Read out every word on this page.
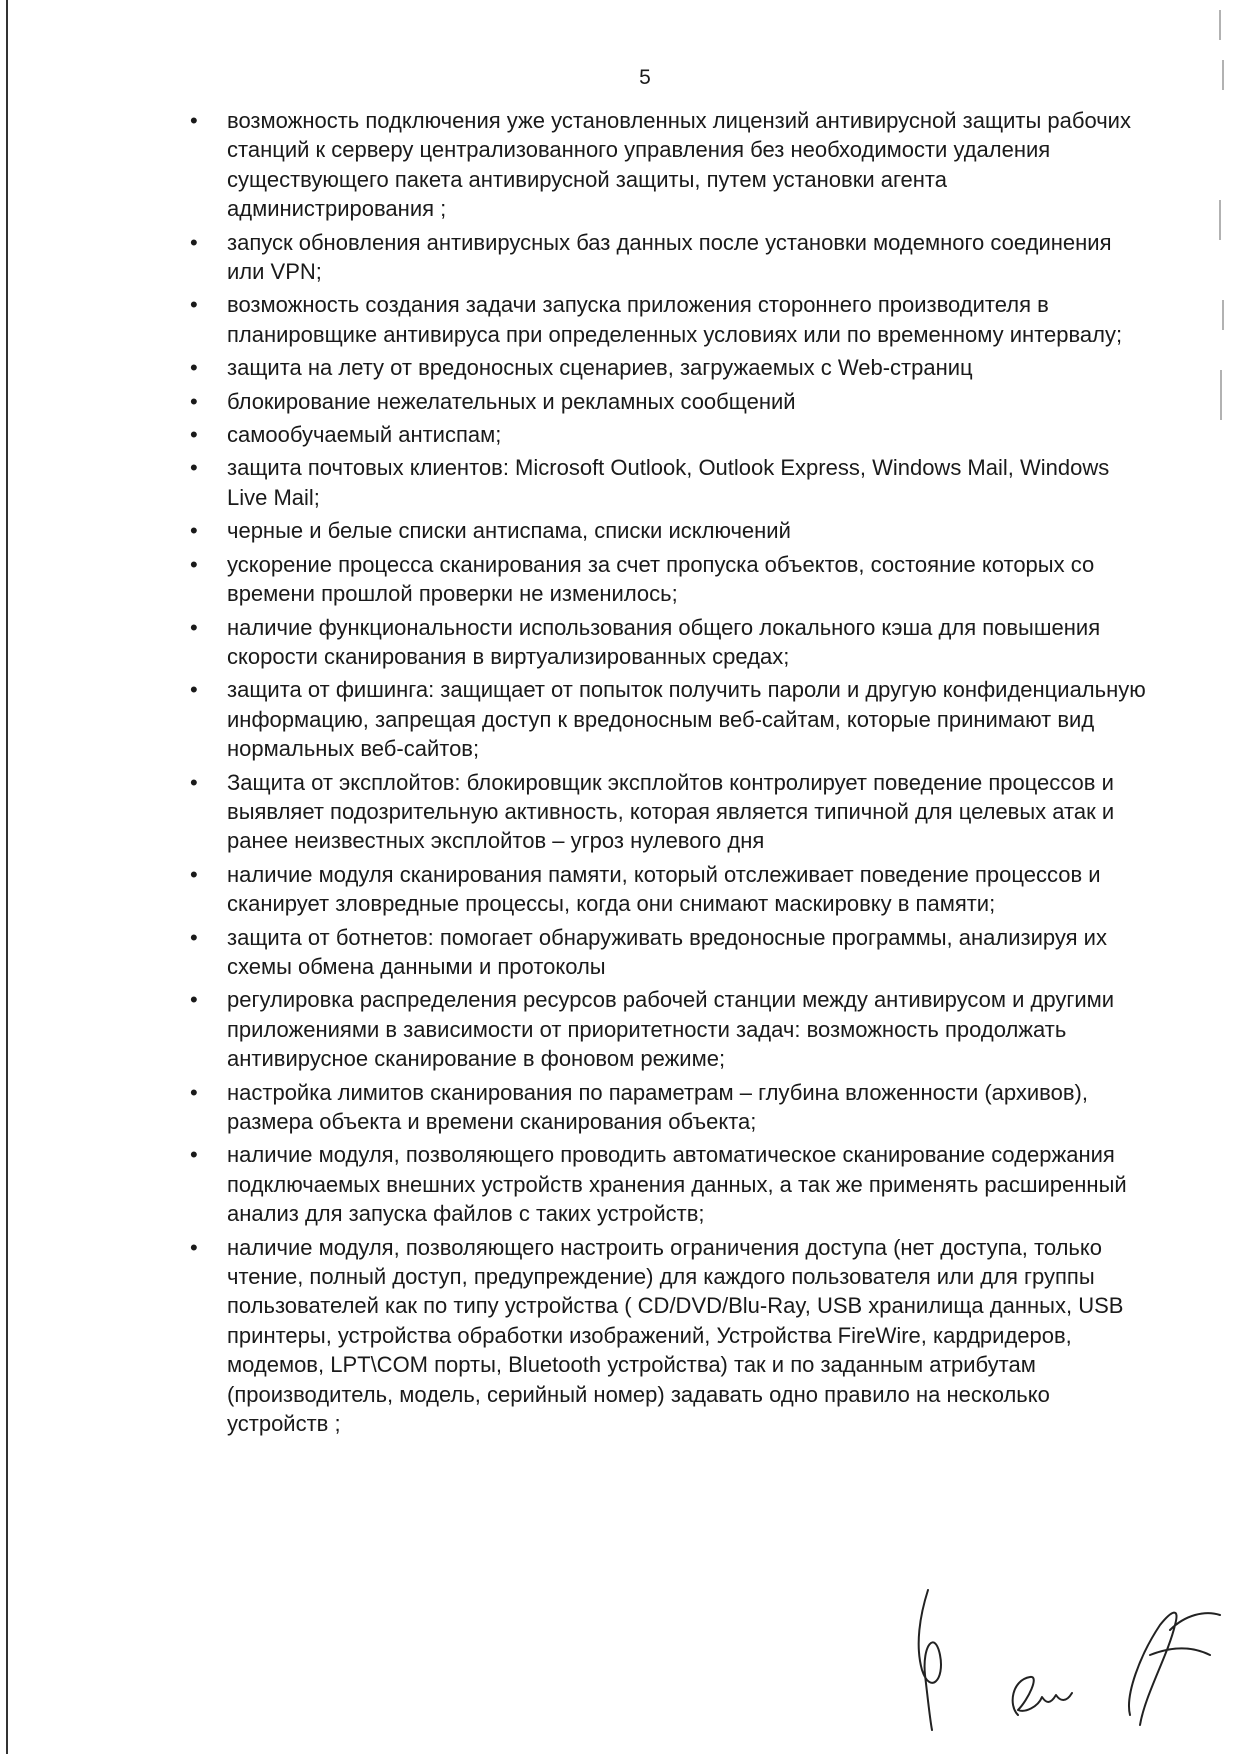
5
• возможность подключения уже установленных лицензий антивирусной защиты рабочих станций к серверу централизованного управления без необходимости удаления существующего пакета антивирусной защиты, путем установки агента администрирования ;
• запуск обновления антивирусных баз данных после установки модемного соединения или VPN;
• возможность создания задачи запуска приложения стороннего производителя в планировщике антивируса при определенных условиях или по временному интервалу;
• защита на лету от вредоносных сценариев, загружаемых с Web-страниц
• блокирование нежелательных и рекламных сообщений
• самообучаемый антиспам;
• защита почтовых клиентов: Microsoft Outlook, Outlook Express, Windows Mail, Windows Live Mail;
• черные и белые списки антиспама, списки исключений
• ускорение процесса сканирования за счет пропуска объектов, состояние которых со времени прошлой проверки не изменилось;
• наличие функциональности использования общего локального кэша для повышения скорости сканирования в виртуализированных средах;
• защита от фишинга: защищает от попыток получить пароли и другую конфиденциальную информацию, запрещая доступ к вредоносным веб-сайтам, которые принимают вид нормальных веб-сайтов;
• Защита от эксплойтов: блокировщик эксплойтов контролирует поведение процессов и выявляет подозрительную активность, которая является типичной для целевых атак и ранее неизвестных эксплойтов – угроз нулевого дня
• наличие модуля сканирования памяти, который отслеживает поведение процессов и сканирует зловредные процессы, когда они снимают маскировку в памяти;
• защита от ботнетов: помогает обнаруживать вредоносные программы, анализируя их схемы обмена данными и протоколы
• регулировка распределения ресурсов рабочей станции между антивирусом и другими приложениями в зависимости от приоритетности задач: возможность продолжать антивирусное сканирование в фоновом режиме;
• настройка лимитов сканирования по параметрам – глубина вложенности (архивов), размера объекта и времени сканирования объекта;
• наличие модуля, позволяющего проводить автоматическое сканирование содержания подключаемых внешних устройств хранения данных, а так же применять расширенный анализ для запуска файлов с таких устройств;
• наличие модуля, позволяющего настроить ограничения доступа (нет доступа, только чтение, полный доступ, предупреждение) для каждого пользователя или для группы пользователей как по типу устройства ( CD/DVD/Blu-Ray, USB хранилища данных, USB принтеры, устройства обработки изображений, Устройства FireWire, кардридеров, модемов, LPT\COM порты, Bluetooth устройства) так и по заданным атрибутам (производитель, модель, серийный номер) задавать одно правило на несколько устройств ;
